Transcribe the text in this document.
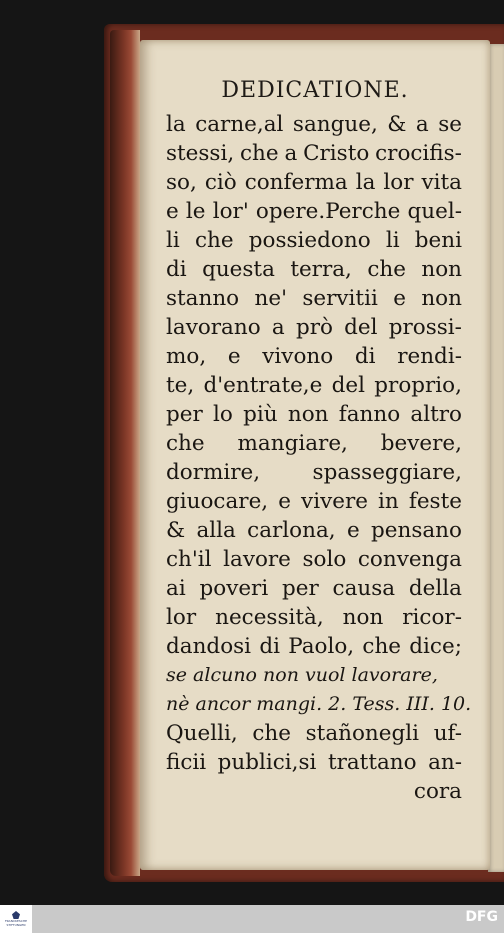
DEDICATIONE.
la carne,al sangue, & a se
stessi, che a Cristo crocifis-
so, ciò conferma la lor vita
e le lor' opere.Perche quel-
li che possiedono li beni
di questa terra, che non
stanno ne' servitii e non
lavorano a prò del prossi-
mo, e vivono di rendi-
te, d'entrate,e del proprio,
per lo più non fanno altro
che mangiare, bevere,
dormire, spasseggiare,
giuocare, e vivere in feste
& alla carlona, e pensano
ch'il lavore solo convenga
ai poveri per causa della
lor necessità, non ricor-
dandosi di Paolo, che dice;
se alcuno non vuol lavorare,
nè ancor mangi. 2. Tess. III. 10.
Quelli, che stañonegli uf-
ficii publici,si trattano an-
cora
FRANCKESCHE
STIFTUNGEN	DFG
